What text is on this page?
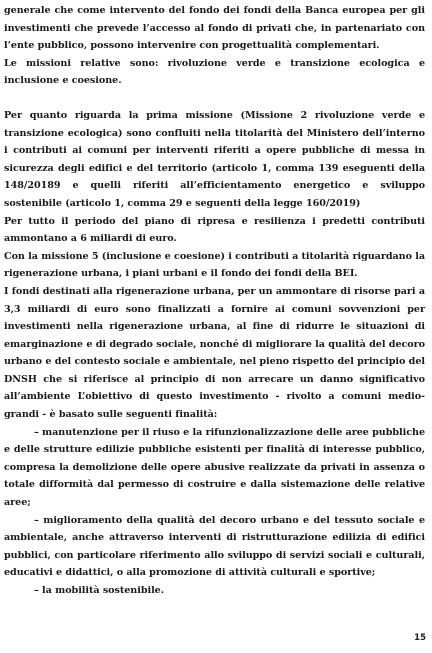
generale che come intervento del fondo dei fondi della Banca europea per gli investimenti che prevede l’accesso al fondo di privati che, in partenariato con l’ente pubblico, possono intervenire con progettualità complementari.

Le missioni relative sono: rivoluzione verde e transizione ecologica e inclusione e coesione.

Per quanto riguarda la prima missione (Missione 2 rivoluzione verde e transizione ecologica) sono confluiti nella titolarità del Ministero dell’interno i contributi ai comuni per interventi riferiti a opere pubbliche di messa in sicurezza degli edifici e del territorio (articolo 1, comma 139 eseguenti della 148/20189 e quelli riferiti all’efficientamento energetico e sviluppo sostenibile (articolo 1, comma 29 e seguenti della legge 160/2019)

Per tutto il periodo del piano di ripresa e resilienza i predetti contributi ammontano a 6 miliardi di euro.

Con la missione 5 (inclusione e coesione) i contributi a titolarità riguardano la rigenerazione urbana, i piani urbani e il fondo dei fondi della BEI.

I fondi destinati alla rigenerazione urbana, per un ammontare di risorse pari a 3,3 miliardi di euro sono finalizzati a fornire ai comuni sovvenzioni per investimenti nella rigenerazione urbana, al fine di ridurre le situazioni di emarginazione e di degrado sociale, nonché di migliorare la qualità del decoro urbano e del contesto sociale e ambientale, nel pieno rispetto del principio del DNSH che si riferisce al principio di non arrecare un danno significativo all’ambiente L’obiettivo di questo investimento - rivolto a comuni medio-grandi - è basato sulle seguenti finalità:

– manutenzione per il riuso e la rifunzionalizzazione delle aree pubbliche e delle strutture edilizie pubbliche esistenti per finalità di interesse pubblico, compresa la demolizione delle opere abusive realizzate da privati in assenza o totale difformità dal permesso di costruire e dalla sistemazione delle relative aree;

– miglioramento della qualità del decoro urbano e del tessuto sociale e ambientale, anche attraverso interventi di ristrutturazione edilizia di edifici pubblici, con particolare riferimento allo sviluppo di servizi sociali e culturali, educativi e didattici, o alla promozione di attività culturali e sportive;

– la mobilità sostenibile.

15
